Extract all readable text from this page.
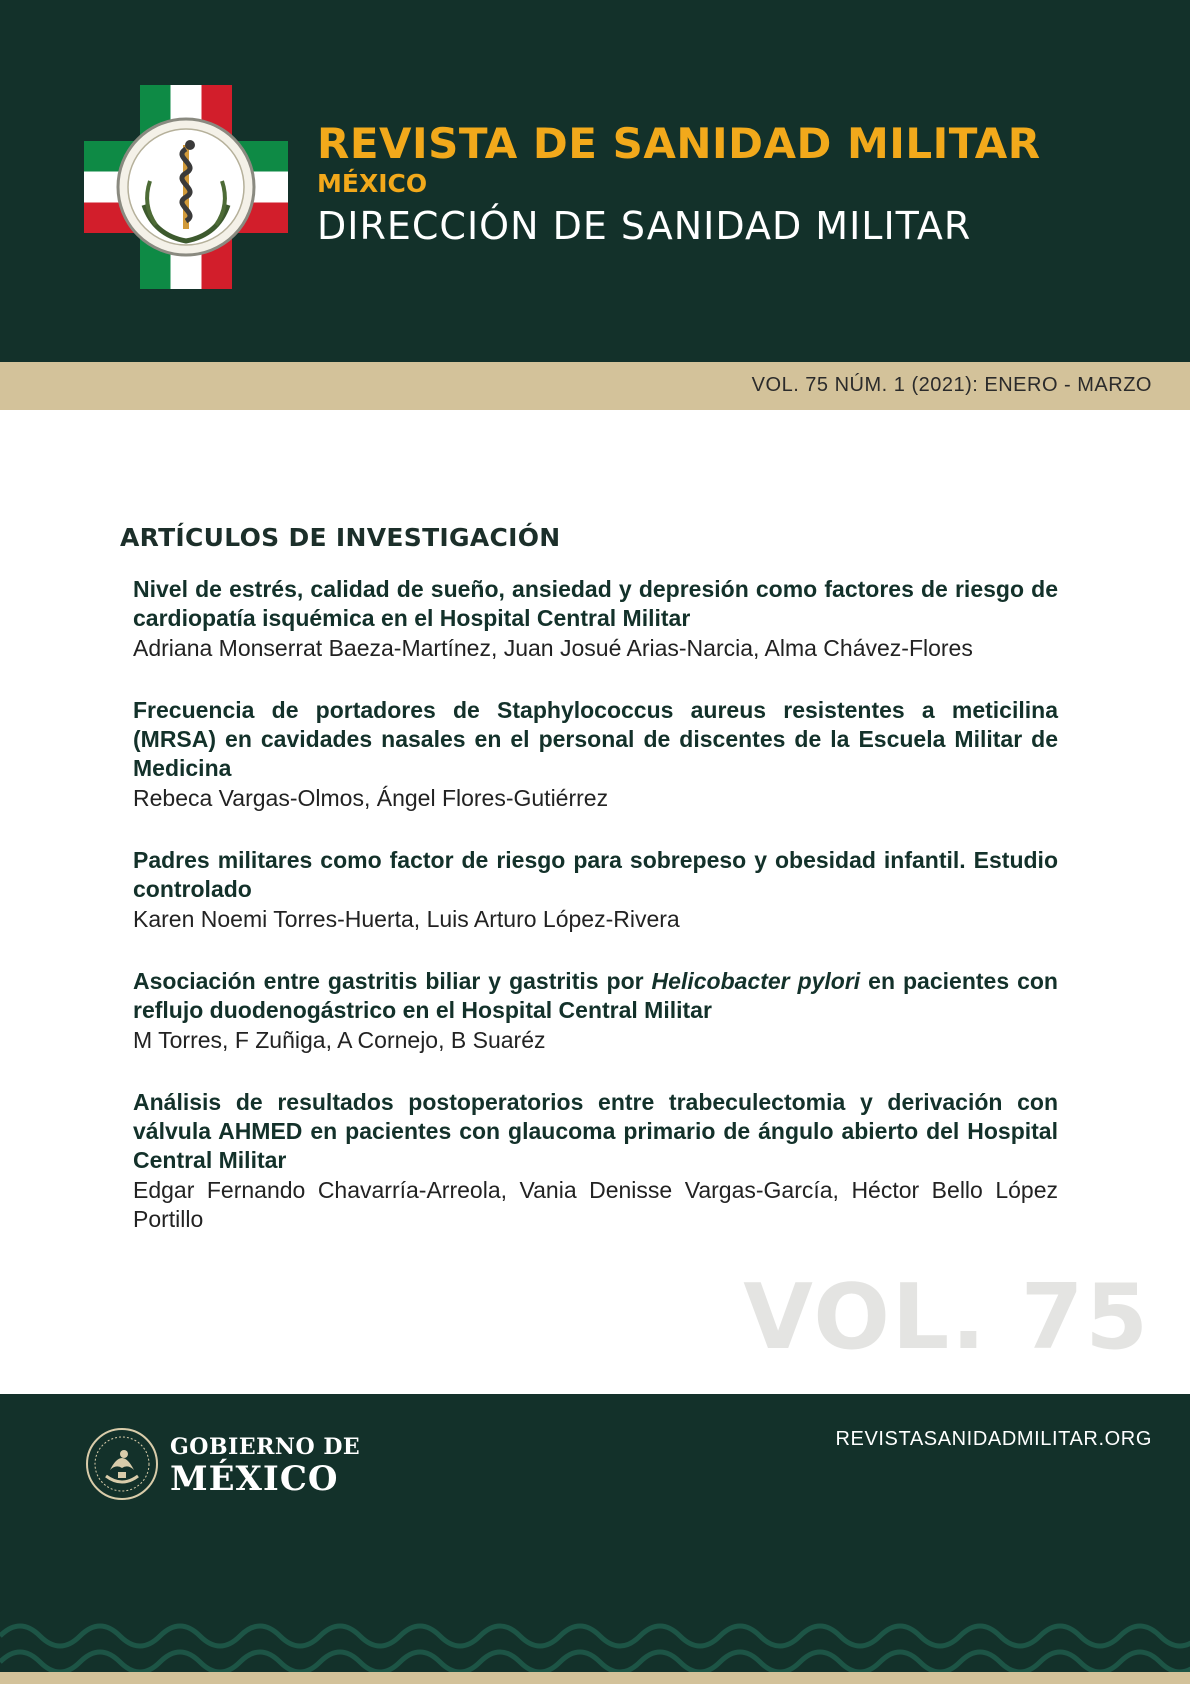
REVISTA DE SANIDAD MILITAR
MÉXICO
DIRECCIÓN DE SANIDAD MILITAR
VOL. 75 NÚM. 1 (2021): ENERO - MARZO
ARTÍCULOS DE INVESTIGACIÓN
Nivel de estrés, calidad de sueño, ansiedad y depresión como factores de riesgo de cardiopatía isquémica en el Hospital Central Militar
Adriana Monserrat Baeza-Martínez, Juan Josué Arias-Narcia, Alma Chávez-Flores
Frecuencia de portadores de Staphylococcus aureus resistentes a meticilina (MRSA) en cavidades nasales en el personal de discentes de la Escuela Militar de Medicina
Rebeca Vargas-Olmos, Ángel Flores-Gutiérrez
Padres militares como factor de riesgo para sobrepeso y obesidad infantil. Estudio controlado
Karen Noemi Torres-Huerta, Luis Arturo López-Rivera
Asociación entre gastritis biliar y gastritis por Helicobacter pylori en pacientes con reflujo duodenogástrico en el Hospital Central Militar
M Torres, F Zuñiga, A Cornejo, B Suaréz
Análisis de resultados postoperatorios entre trabeculectomia y derivación con válvula AHMED en pacientes con glaucoma primario de ángulo abierto del Hospital Central Militar
Edgar Fernando Chavarría-Arreola, Vania Denisse Vargas-García, Héctor Bello López Portillo
VOL. 75
GOBIERNO DE
MÉXICO
REVISTASANIDADMILITAR.ORG
